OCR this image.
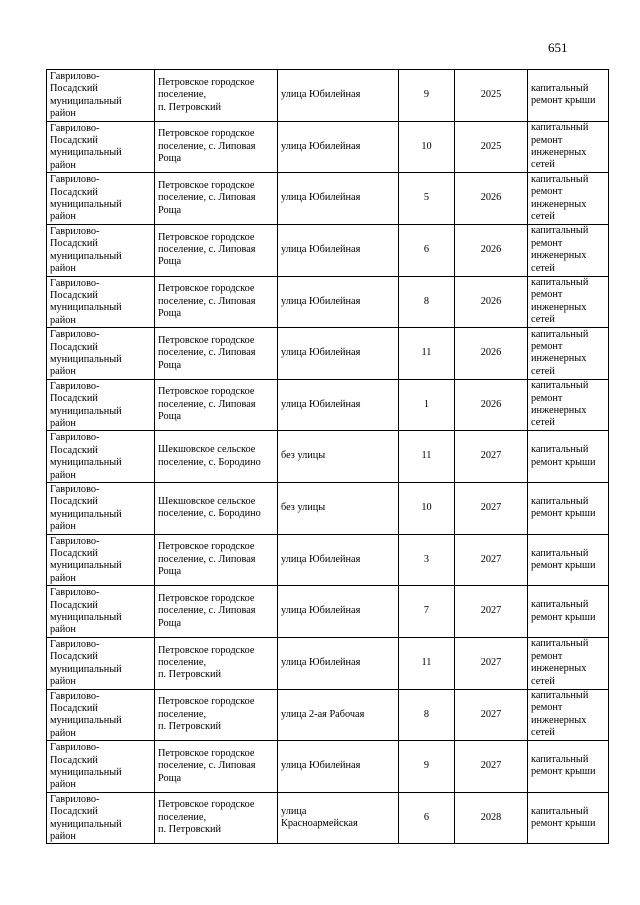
651
Гаврилово-
Посадский
муниципальный
район	Петровское городское
поселение,
п. Петровский	улица Юбилейная	9	2025	капитальный
ремонт крыши

Гаврилово-
Посадский
муниципальный
район	Петровское городское
поселение, с. Липовая
Роща	улица Юбилейная	10	2025	капитальный
ремонт
инженерных
сетей

Гаврилово-
Посадский
муниципальный
район	Петровское городское
поселение, с. Липовая
Роща	улица Юбилейная	5	2026	капитальный
ремонт
инженерных
сетей

Гаврилово-
Посадский
муниципальный
район	Петровское городское
поселение, с. Липовая
Роща	улица Юбилейная	6	2026	капитальный
ремонт
инженерных
сетей

Гаврилово-
Посадский
муниципальный
район	Петровское городское
поселение, с. Липовая
Роща	улица Юбилейная	8	2026	капитальный
ремонт
инженерных
сетей

Гаврилово-
Посадский
муниципальный
район	Петровское городское
поселение, с. Липовая
Роща	улица Юбилейная	11	2026	капитальный
ремонт
инженерных
сетей

Гаврилово-
Посадский
муниципальный
район	Петровское городское
поселение, с. Липовая
Роща	улица Юбилейная	1	2026	капитальный
ремонт
инженерных
сетей

Гаврилово-
Посадский
муниципальный
район	Шекшовское сельское
поселение, с. Бородино	без улицы	11	2027	капитальный
ремонт крыши

Гаврилово-
Посадский
муниципальный
район	Шекшовское сельское
поселение, с. Бородино	без улицы	10	2027	капитальный
ремонт крыши

Гаврилово-
Посадский
муниципальный
район	Петровское городское
поселение, с. Липовая
Роща	улица Юбилейная	3	2027	капитальный
ремонт крыши

Гаврилово-
Посадский
муниципальный
район	Петровское городское
поселение, с. Липовая
Роща	улица Юбилейная	7	2027	капитальный
ремонт крыши

Гаврилово-
Посадский
муниципальный
район	Петровское городское
поселение,
п. Петровский	улица Юбилейная	11	2027	капитальный
ремонт
инженерных
сетей

Гаврилово-
Посадский
муниципальный
район	Петровское городское
поселение,
п. Петровский	улица 2-ая Рабочая	8	2027	капитальный
ремонт
инженерных
сетей

Гаврилово-
Посадский
муниципальный
район	Петровское городское
поселение, с. Липовая
Роща	улица Юбилейная	9	2027	капитальный
ремонт крыши

Гаврилово-
Посадский
муниципальный
район	Петровское городское
поселение,
п. Петровский	улица
Красноармейская	6	2028	капитальный
ремонт крыши
